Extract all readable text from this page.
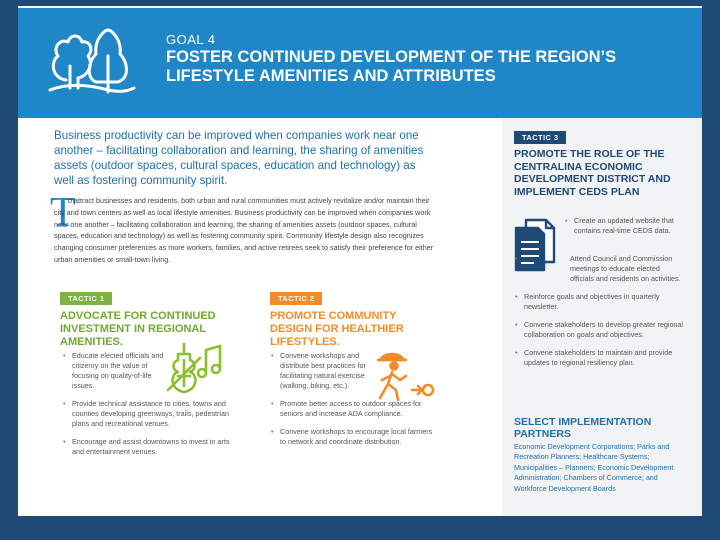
GOAL 4
FOSTER CONTINUED DEVELOPMENT OF THE REGION’S LIFESTYLE AMENITIES AND ATTRIBUTES
Business productivity can be improved when companies work near one another – facilitating collaboration and learning, the sharing of amenities assets (outdoor spaces, cultural spaces, education and technology) as well as fostering community spirit.
T
o attract businesses and residents, both urban and rural communities must actively revitalize and/or maintain their city and town centers as well as local lifestyle amenities. Business productivity can be improved when companies work near one another – facilitating collaboration and learning, the sharing of amenities assets (outdoor spaces, cultural spaces, education and technology) as well as fostering community spirit. Community lifestyle design also recognizes changing consumer preferences as more workers, families, and active retirees seek to satisfy their preference for either urban amenities or small-town living.
TACTIC 1
ADVOCATE FOR CONTINUED INVESTMENT IN REGIONAL AMENITIES.
• Educate elected officials and citizenry on the value of focusing on quality-of-life issues.
• Provide technical assistance to cities, towns and counties developing greenways, trails, pedestrian plans and recreational venues.
• Encourage and assist downtowns to invest in arts and entertainment venues.
TACTIC 2
PROMOTE COMMUNITY DESIGN FOR HEALTHIER LIFESTYLES.
• Convene workshops and distribute best practices for facilitating natural exercise (walking, biking, etc.).
• Promote better access to outdoor spaces for seniors and increase ADA compliance.
• Convene workshops to encourage local farmers to network and coordinate distribution.
TACTIC 3
PROMOTE THE ROLE OF THE CENTRALINA ECONOMIC DEVELOPMENT DISTRICT AND IMPLEMENT CEDS PLAN
• Create an updated website that contains real-time CEDS data.
• Attend Council and Commission meetings to educate elected officials and residents on activities.
• Reinforce goals and objectives in quarterly newsletter.
• Convene stakeholders to develop greater regional collaboration on goals and objectives.
• Convene stakeholders to maintain and provide updates to regional resiliency plan.
SELECT IMPLEMENTATION PARTNERS
Economic Development Corporations; Parks and Recreation Planners; Healthcare Systems; Municipalities – Planners; Economic Development Administration; Chambers of Commerce; and Workforce Development Boards
